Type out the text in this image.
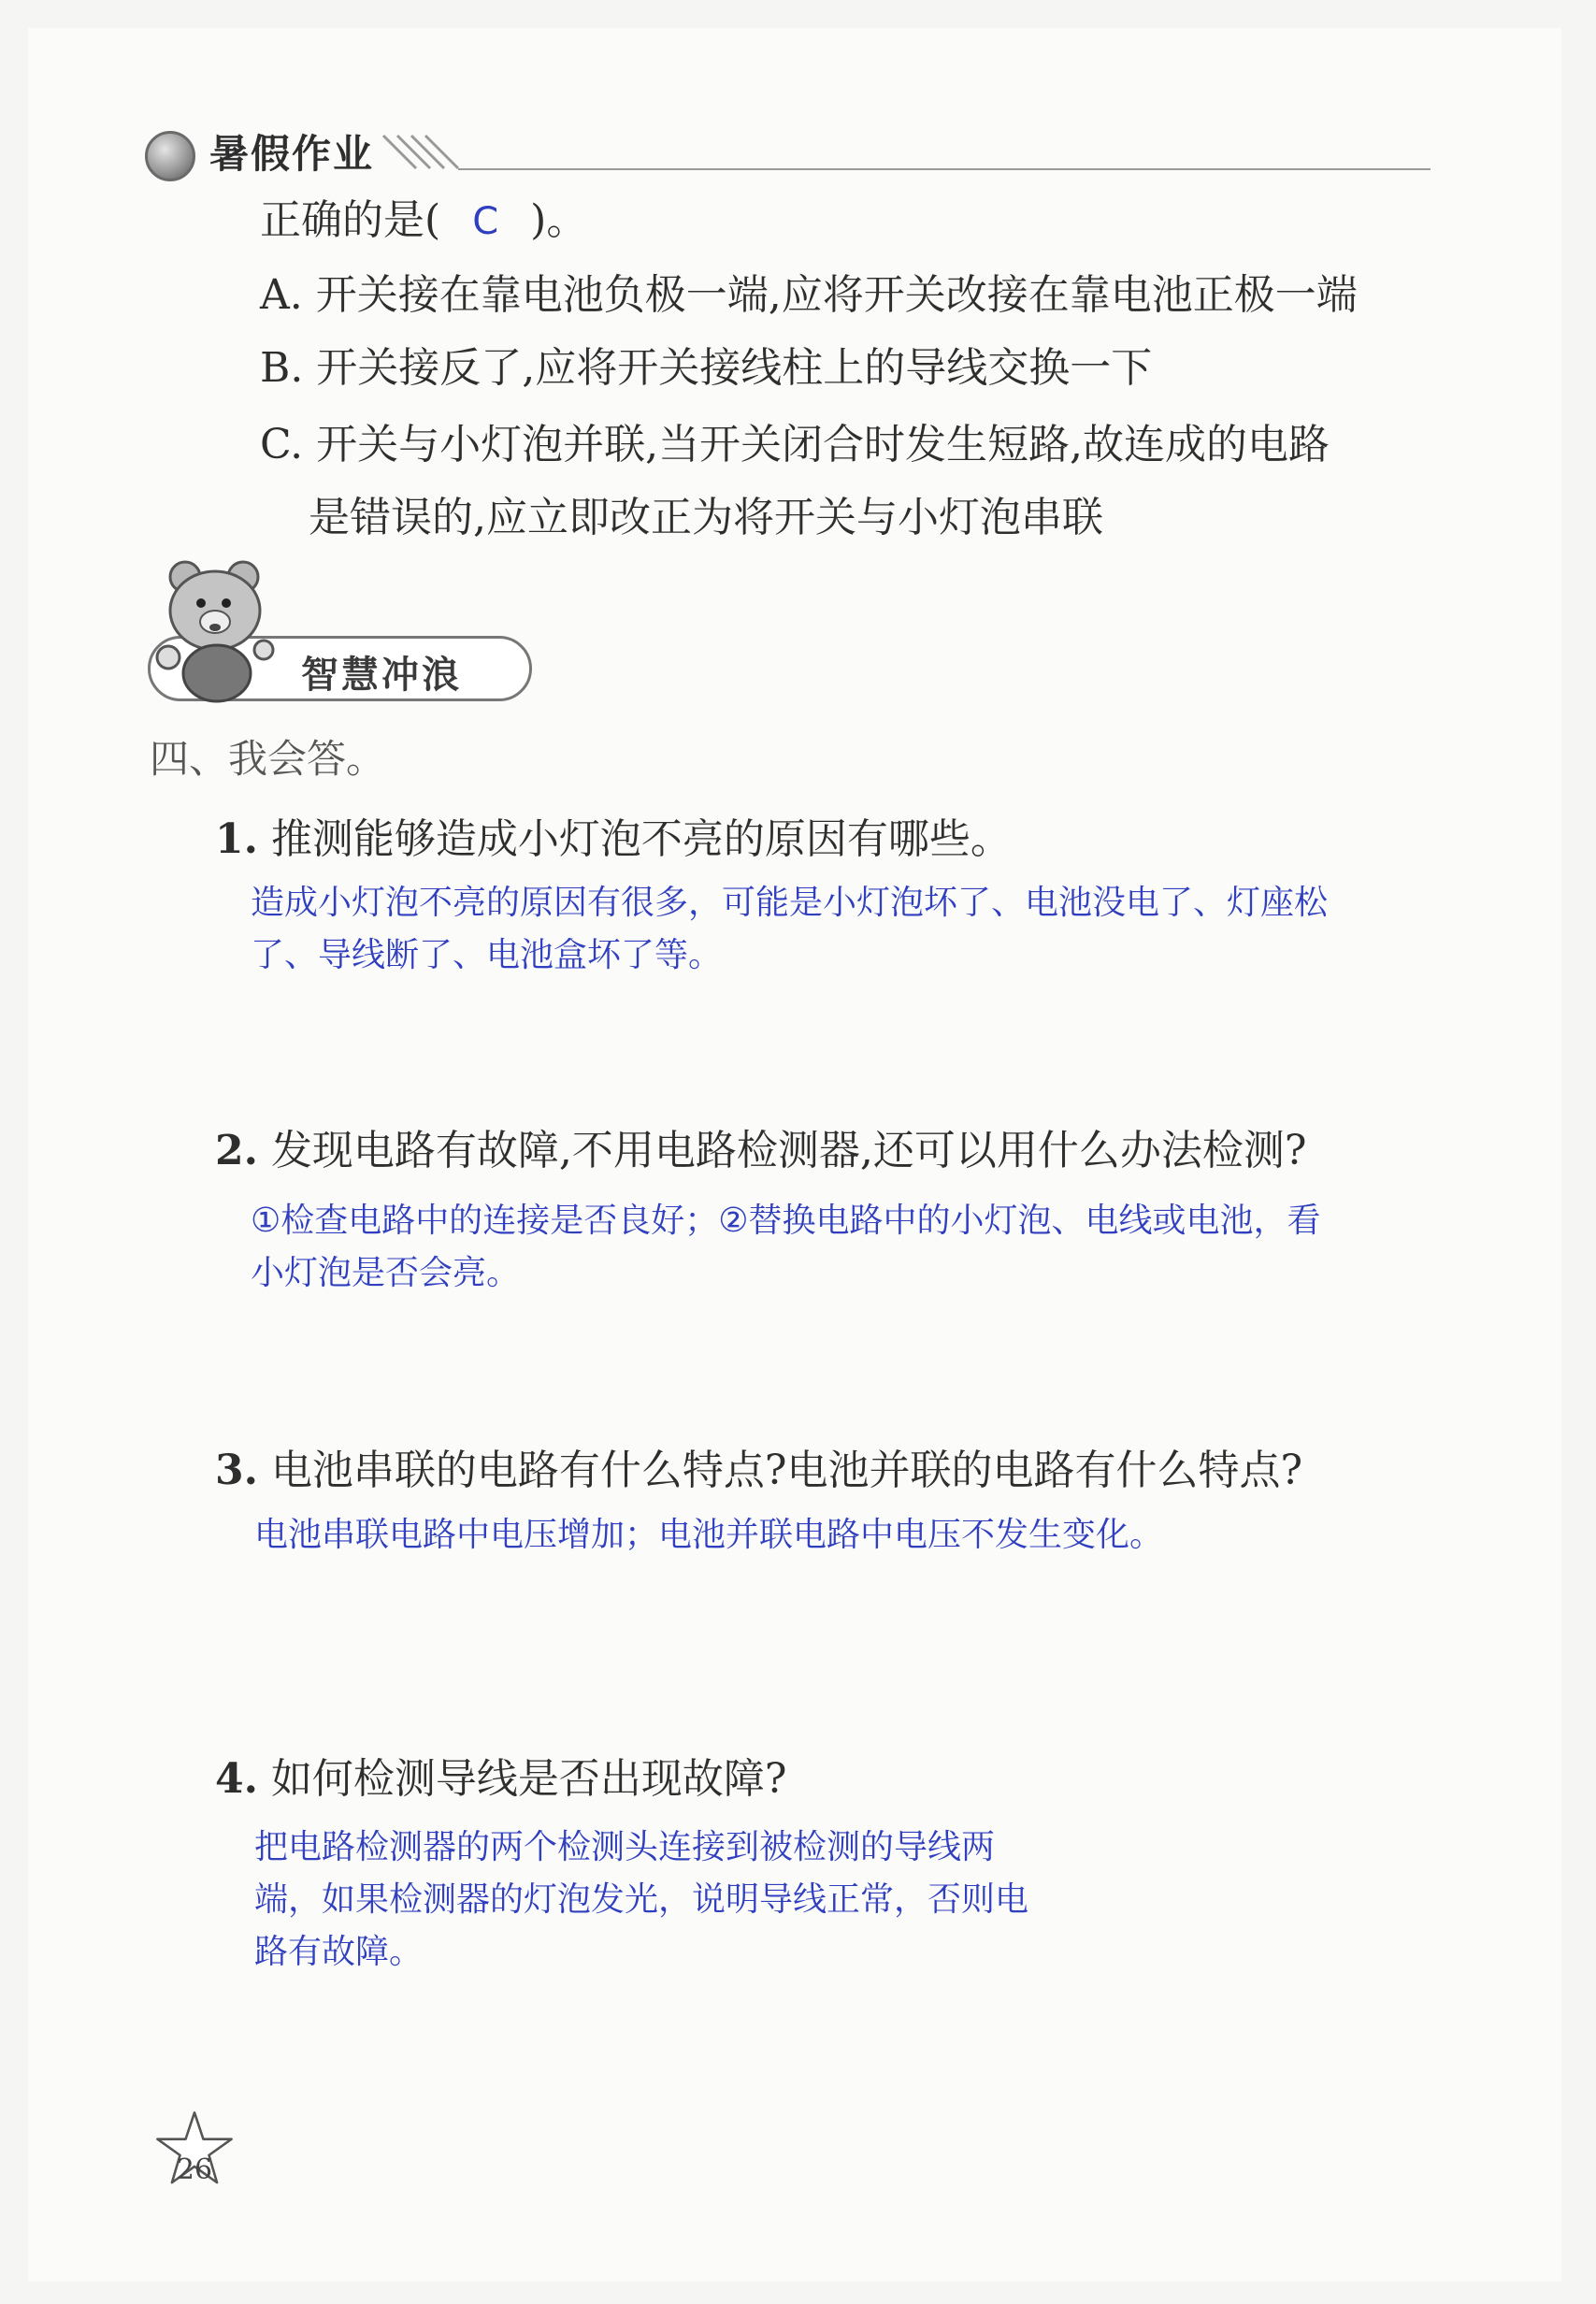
暑假作业
正确的是( C )。
A. 开关接在靠电池负极一端,应将开关改接在靠电池正极一端
B. 开关接反了,应将开关接线柱上的导线交换一下
C. 开关与小灯泡并联,当开关闭合时发生短路,故连成的电路
是错误的,应立即改正为将开关与小灯泡串联
智慧冲浪
四、我会答。
1. 推测能够造成小灯泡不亮的原因有哪些。
造成小灯泡不亮的原因有很多，可能是小灯泡坏了、电池没电了、灯座松
了、导线断了、电池盒坏了等。
2. 发现电路有故障,不用电路检测器,还可以用什么办法检测?
①检查电路中的连接是否良好；②替换电路中的小灯泡、电线或电池，看
小灯泡是否会亮。
3. 电池串联的电路有什么特点?电池并联的电路有什么特点?
电池串联电路中电压增加；电池并联电路中电压不发生变化。
4. 如何检测导线是否出现故障?
把电路检测器的两个检测头连接到被检测的导线两
端，如果检测器的灯泡发光，说明导线正常，否则电
路有故障。
26
